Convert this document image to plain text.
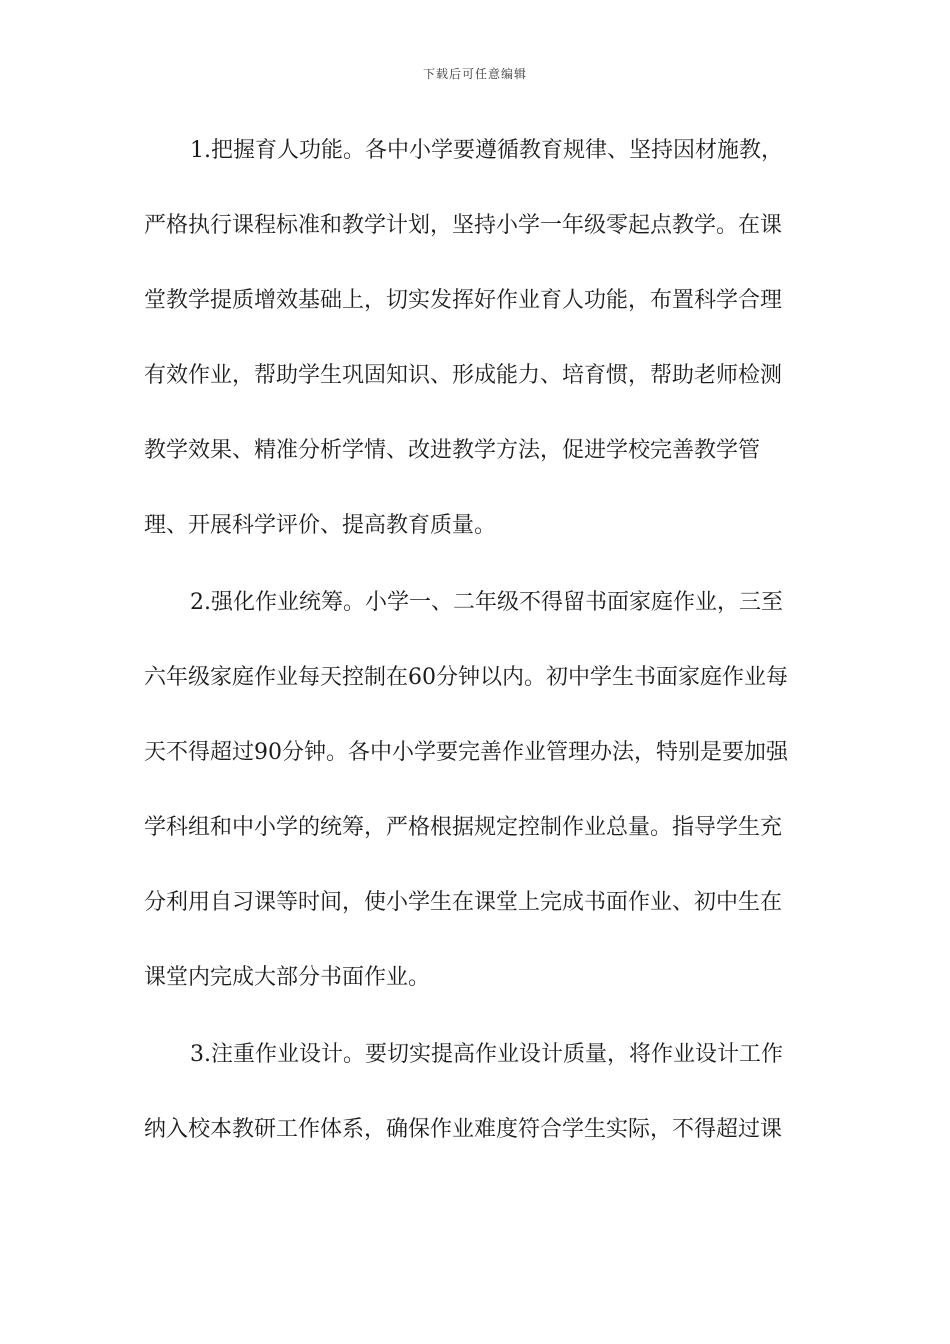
下载后可任意编辑
1.把握育人功能。各中小学要遵循教育规律、坚持因材施教，
严格执行课程标准和教学计划，坚持小学一年级零起点教学。在课
堂教学提质增效基础上，切实发挥好作业育人功能，布置科学合理
有效作业，帮助学生巩固知识、形成能力、培育惯，帮助老师检测
教学效果、精准分析学情、改进教学方法，促进学校完善教学管
理、开展科学评价、提高教育质量。
2.强化作业统筹。小学一、二年级不得留书面家庭作业，三至
六年级家庭作业每天控制在60分钟以内。初中学生书面家庭作业每
天不得超过90分钟。各中小学要完善作业管理办法，特别是要加强
学科组和中小学的统筹，严格根据规定控制作业总量。指导学生充
分利用自习课等时间，使小学生在课堂上完成书面作业、初中生在
课堂内完成大部分书面作业。
3.注重作业设计。要切实提高作业设计质量，将作业设计工作
纳入校本教研工作体系，确保作业难度符合学生实际，不得超过课
